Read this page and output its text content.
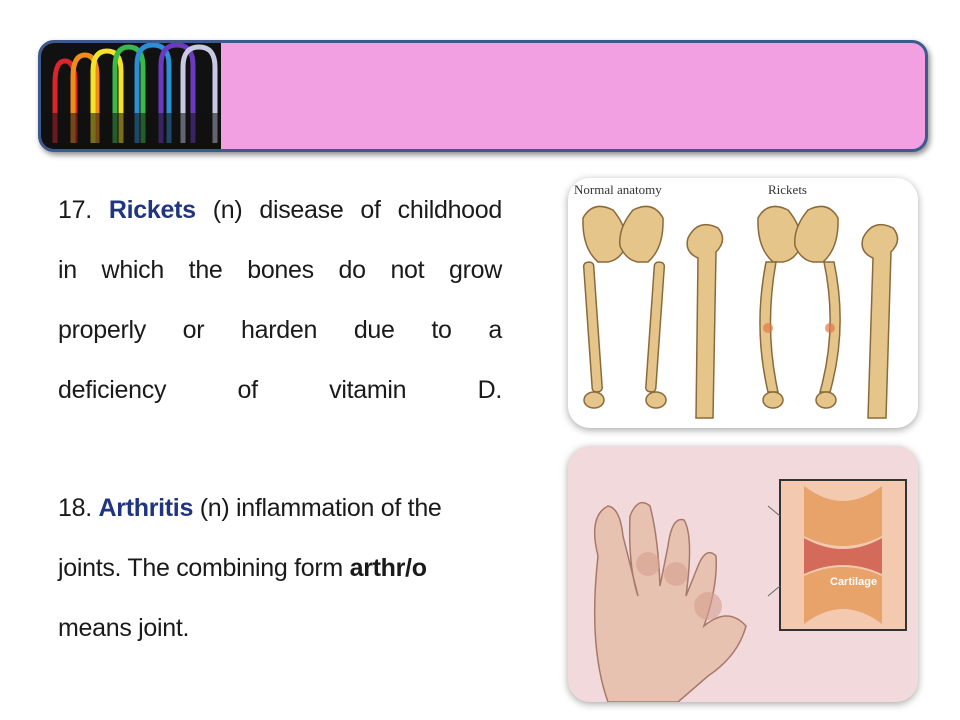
17. Rickets (n) disease of childhood
in which the bones do not grow
properly or harden due to a
deficiency of vitamin D.
18. Arthritis (n) inflammation of the
joints. The combining form arthr/o
means joint.
Normal anatomy	Rickets
Cartilage
